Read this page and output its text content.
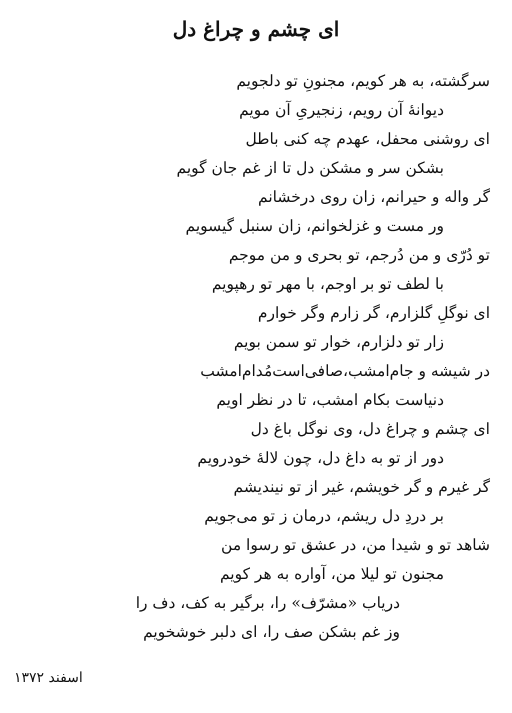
ای چشم و چراغ دل
سرگشته، به هر کویم، مجنونِ تو دلجویم
دیوانهٔ آن رویم، زنجیریِ آن مویم
ای روشنی محفل، عهدم چه کنی باطل
بشکن سر و مشکن دل تا از غم جان گویم
گر واله و حیرانم، زان روی درخشانم
ور مست و غزلخوانم، زان سنبل گیسویم
تو دُرّی و من دُرجم، تو بحری و من موجم
با لطف تو بر اوجم، با مهر تو رهپویم
ای نوگلِ گلزارم، گر زارم وگر خوارم
زار تو دلزارم، خوار تو سمن بویم
در شیشه و جام‌امشب،صافی‌است‌مُدام‌امشب
دنیاست بکام امشب، تا در نظر اویم
ای چشم و چراغ دل، وی نوگل باغ دل
دور از تو به داغ دل، چون لالهٔ خودرویم
گر غیرم و گر خویشم، غیر از تو نیندیشم
بر دردِ دل ریشم، درمان ز تو می‌جویم
شاهد تو و شیدا من، در عشق تو رسوا من
مجنون تو لیلا من، آواره به هر کویم
دریاب «مشرّف» را، برگیر به کف، دف را
وز غم بشکن صف را، ای دلبر خوشخویم
اسفند ۱۳۷۲
